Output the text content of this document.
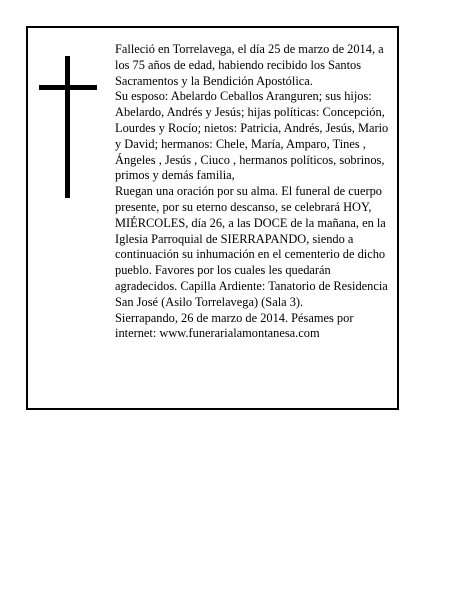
Falleció en Torrelavega, el día 25 de marzo de 2014, a los 75 años de edad, habiendo recibido los Santos Sacramentos y la Bendición Apostólica.

Su esposo: Abelardo Ceballos Aranguren; sus hijos: Abelardo, Andrés y Jesús; hijas políticas: Concepción, Lourdes y Rocío; nietos: Patricia, Andrés, Jesús, Mario y David; hermanos: Chele, María, Amparo, Tines , Ángeles , Jesús , Ciuco , hermanos políticos, sobrinos, primos y demás familia,

Ruegan una oración por su alma. El funeral de cuerpo presente, por su eterno descanso, se celebrará HOY, MIÉRCOLES, día 26, a las DOCE de la mañana, en la Iglesia Parroquial de SIERRAPANDO, siendo a continuación su inhumación en el cementerio de dicho pueblo. Favores por los cuales les quedarán agradecidos. Capilla Ardiente: Tanatorio de Residencia San José (Asilo Torrelavega) (Sala 3).

Sierrapando, 26 de marzo de 2014. Pésames por internet: www.funerarialamontanesa.com
